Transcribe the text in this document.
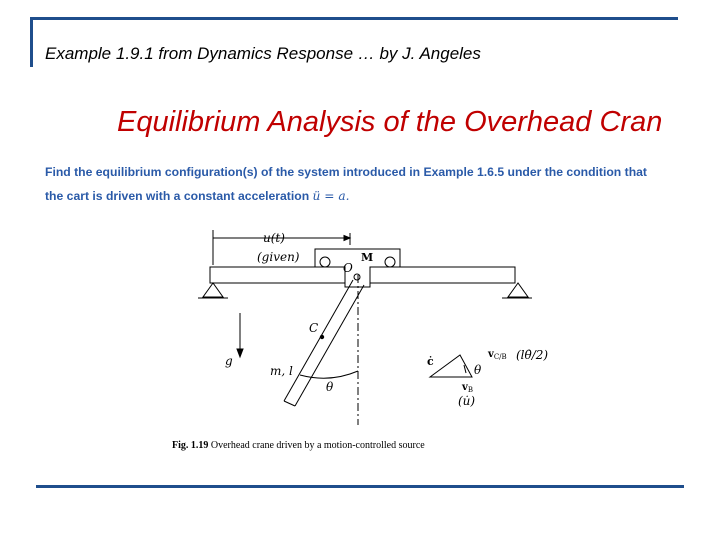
Example 1.9.1 from Dynamics Response … by J. Angeles
Equilibrium Analysis of the Overhead Cran
Find the equilibrium configuration(s) of the system introduced in Example 1.6.5 under the condition that
the cart is driven with a constant acceleration ü = a.
u(t)
(given)	M
O
C
g
m, l
θ
ċ
θ
$v_{C/B}$ (lθ̇/2)
$v_B$
(u̇)
Fig. 1.19 Overhead crane driven by a motion-controlled source
